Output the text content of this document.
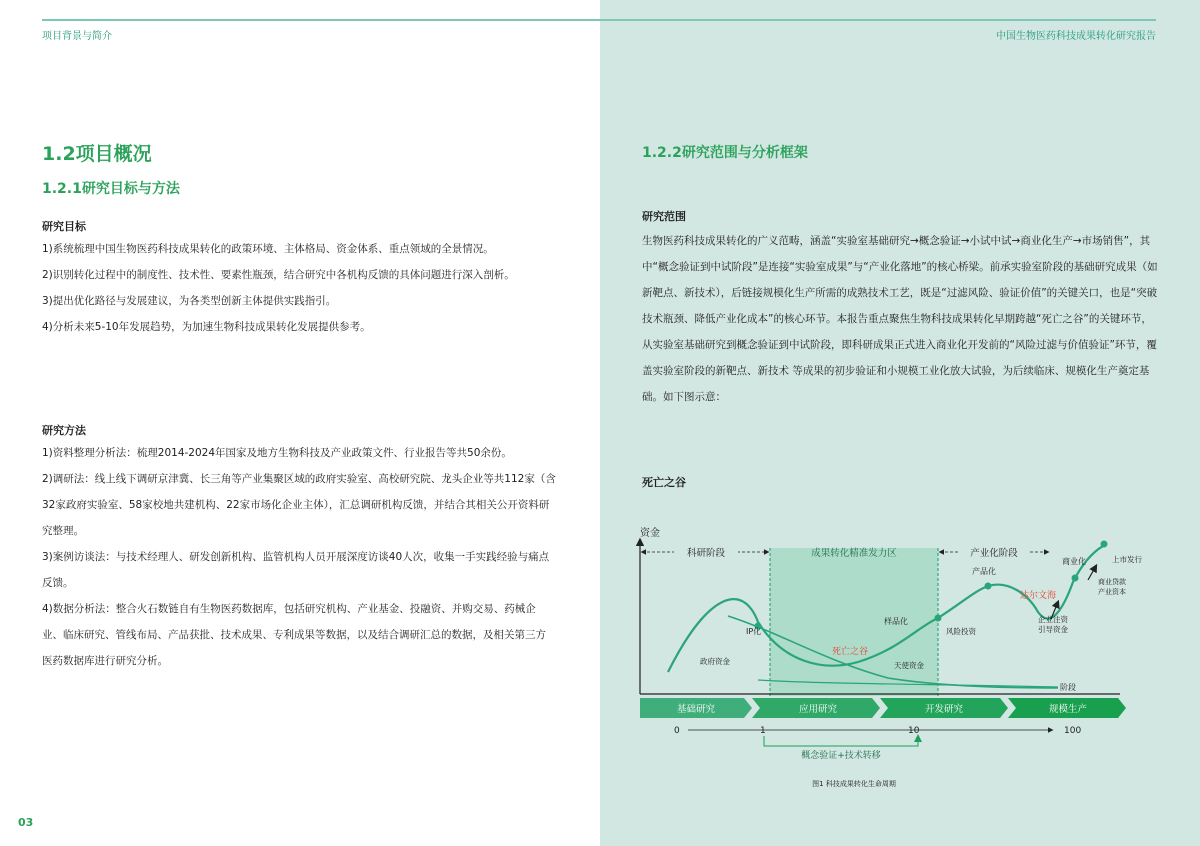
项目背景与简介
1.2项目概况
1.2.1研究目标与方法
研究目标

1)系统梳理中国生物医药科技成果转化的政策环境、主体格局、资金体系、重点领域的全景情况。

2)识别转化过程中的制度性、技术性、要素性瓶颈，结合研究中各机构反馈的具体问题进行深入剖析。

3)提出优化路径与发展建议，为各类型创新主体提供实践指引。

4)分析未来5-10年发展趋势，为加速生物科技成果转化发展提供参考。

研究方法

1)资料整理分析法：梳理2014-2024年国家及地方生物科技及产业政策文件、行业报告等共50余份。

2)调研法：线上线下调研京津冀、长三角等产业集聚区域的政府实验室、高校研究院、龙头企业等共112家（含32家政府实验室、58家校地共建机构、22家市场化企业主体），汇总调研机构反馈，并结合其相关公开资料研究整理。

3)案例访谈法：与技术经理人、研发创新机构、监管机构人员开展深度访谈40人次，收集一手实践经验与痛点反馈。

4)数据分析法：整合火石数链自有生物医药数据库，包括研究机构、产业基金、投融资、并购交易、药械企业、临床研究、管线布局、产品获批、技术成果、专利成果等数据，以及结合调研汇总的数据，及相关第三方医药数据库进行研究分析。

03
中国生物医药科技成果转化研究报告
1.2.2研究范围与分析框架
研究范围

生物医药科技成果转化的广义范畴，涵盖“实验室基础研究→概念验证→小试中试→商业化生产→市场销售”，其中“概念验证到中试阶段”是连接“实验室成果”与“产业化落地”的核心桥梁。前承实验室阶段的基础研究成果（如新靶点、新技术），后链接规模化生产所需的成熟技术工艺，既是“过滤风险、验证价值”的关键关口，也是“突破技术瓶颈、降低产业化成本”的核心环节。本报告重点聚焦生物科技成果转化早期跨越“死亡之谷”的关键环节，从实验室基础研究到概念验证到中试阶段，即科研成果正式进入商业化开发前的“风险过滤与价值验证”环节，覆盖实验室阶段的新靶点、新技术 等成果的初步验证和小规模工业化放大试验，为后续临床、规模化生产奠定基础。如下图示意：

死亡之谷
资金
阶段
科研阶段	成果转化精准发力区	产业化阶段
IP化
政府资金
死亡之谷
样品化
天使资金
风险投资
产品化
达尔文海
企业注资
引导资金
商业化
商业贷款
产业资本
上市发行
基础研究	应用研究	开发研究	规模生产
0	1	10	100
概念验证+技术转移
图1 科技成果转化生命周期
